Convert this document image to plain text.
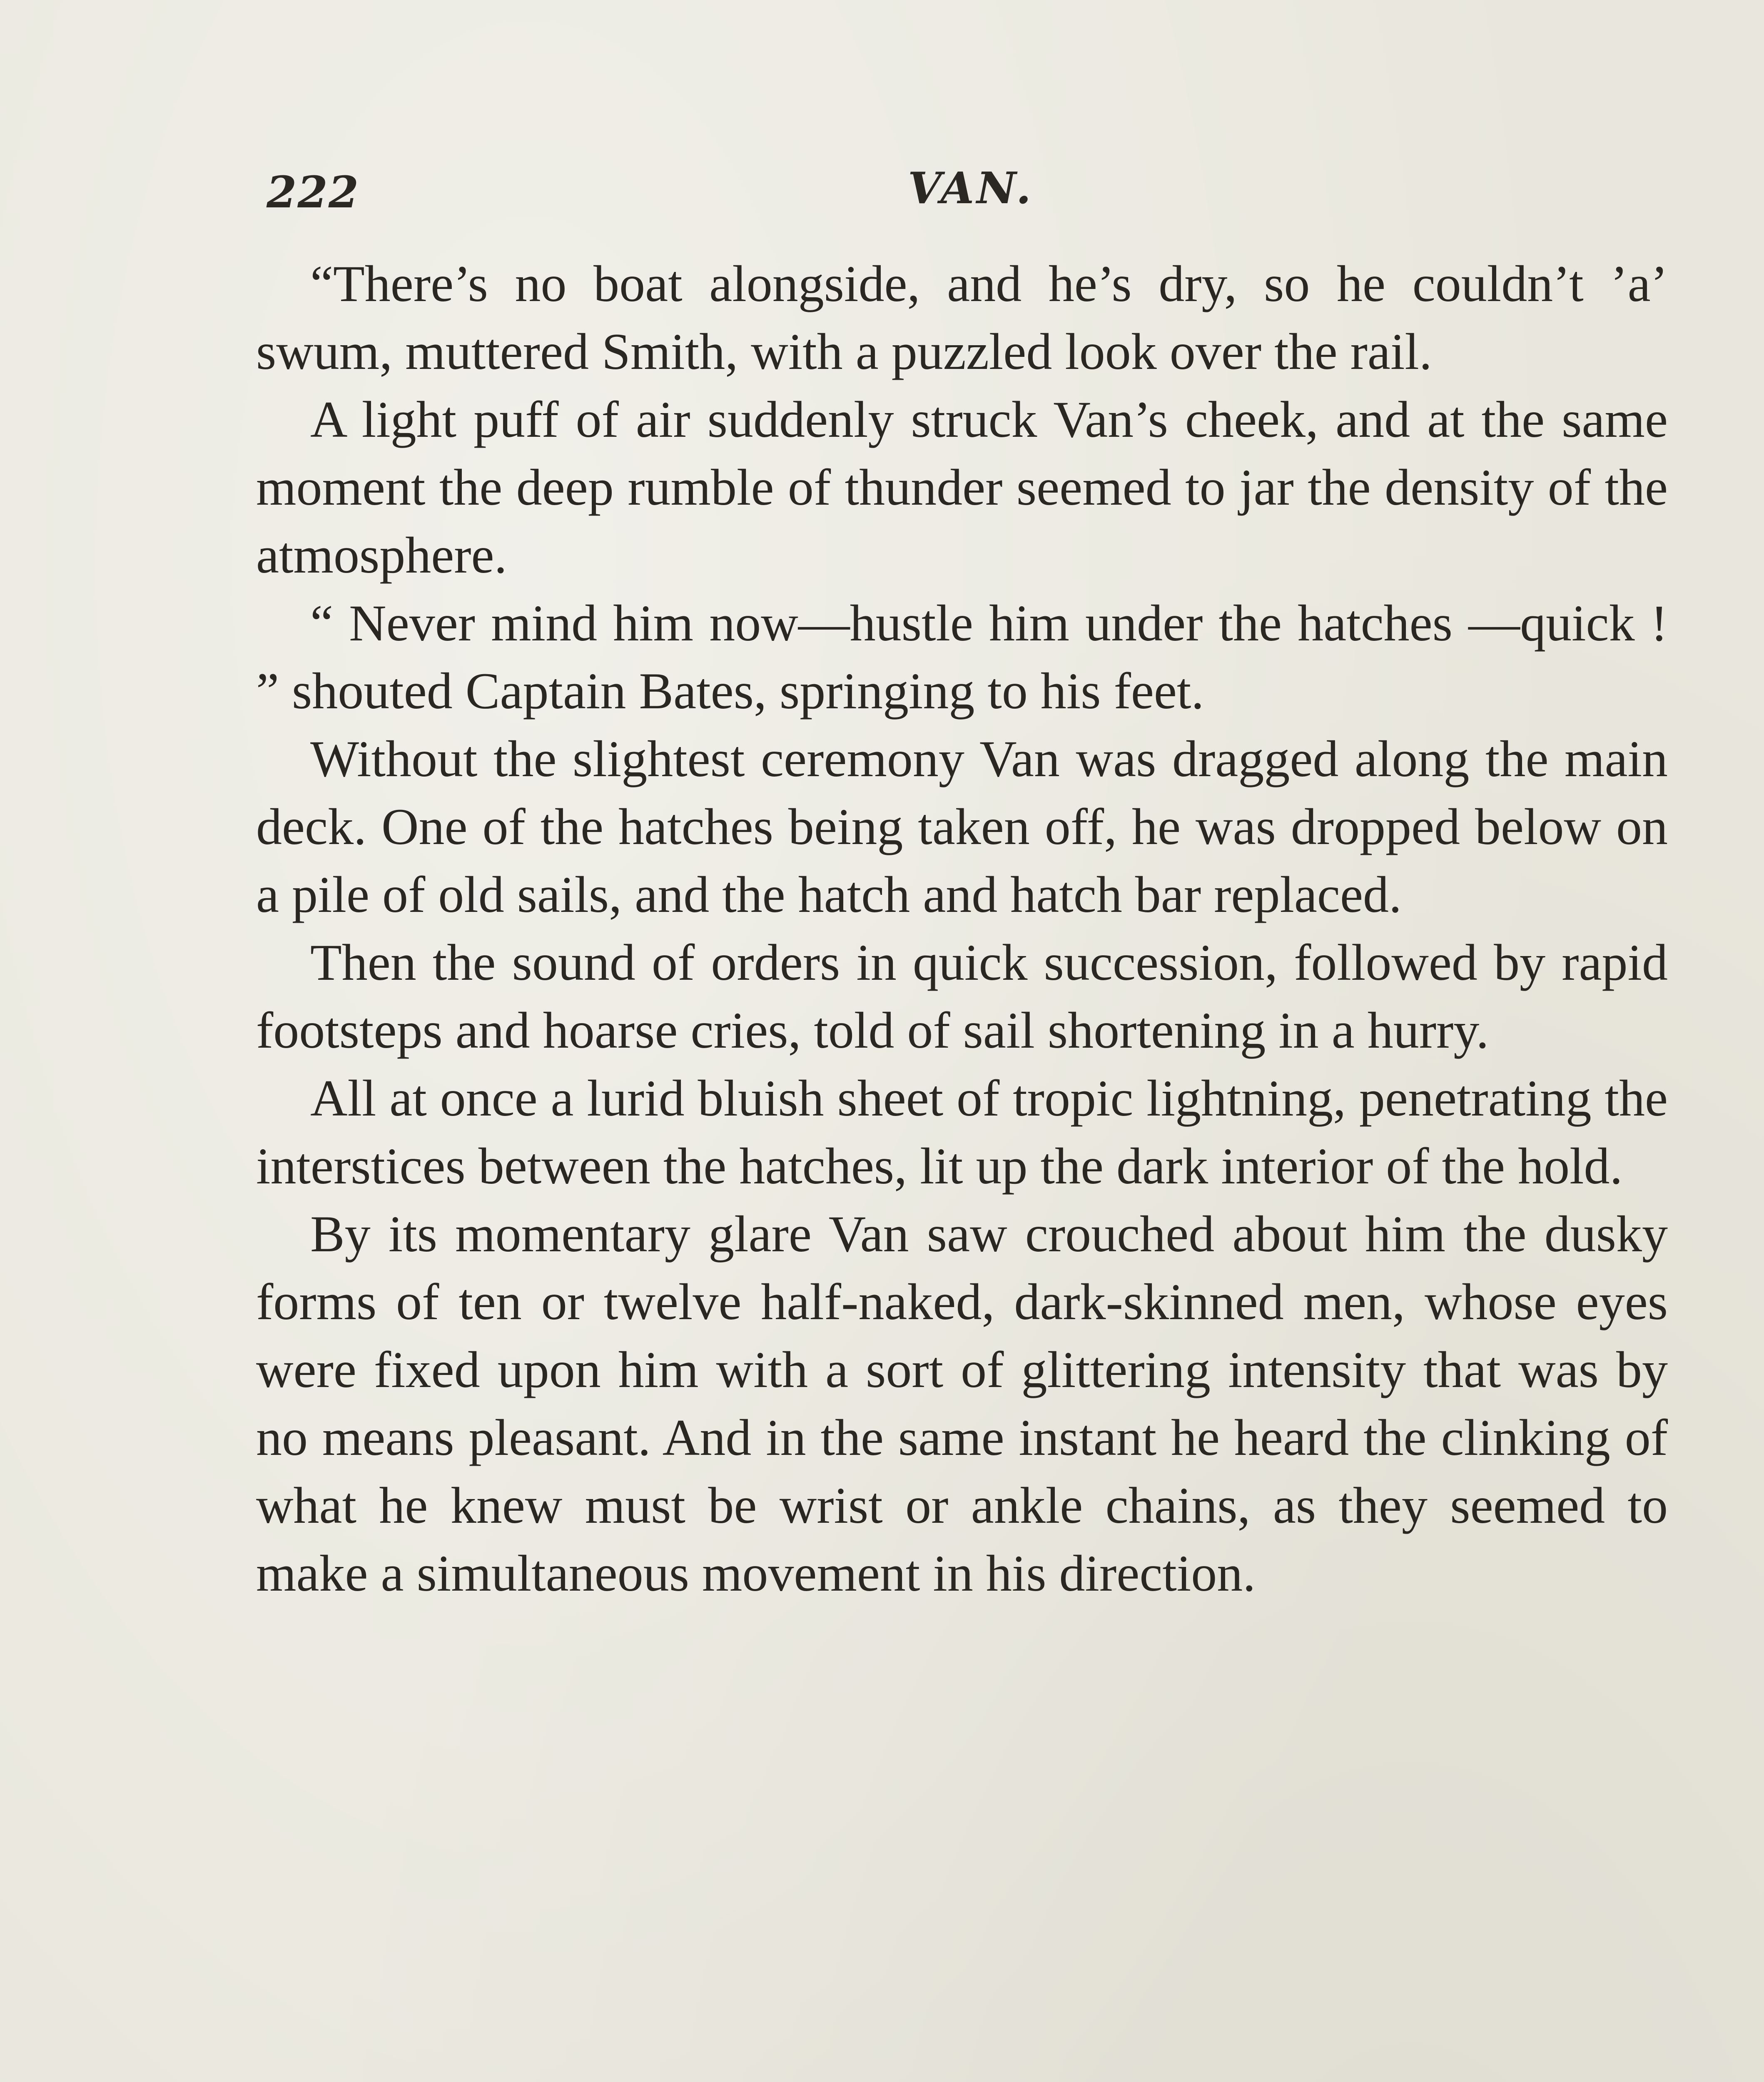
222	VAN.

“There’s no boat alongside, and he’s dry, so he couldn’t ’a’ swum, muttered Smith, with a puzzled look over the rail.

A light puff of air suddenly struck Van’s cheek, and at the same moment the deep rumble of thunder seemed to jar the density of the atmosphere.

“ Never mind him now—hustle him under the hatches —quick ! ” shouted Captain Bates, springing to his feet.

Without the slightest ceremony Van was dragged along the main deck. One of the hatches being taken off, he was dropped below on a pile of old sails, and the hatch and hatch bar replaced.

Then the sound of orders in quick succession, followed by rapid footsteps and hoarse cries, told of sail shortening in a hurry.

All at once a lurid bluish sheet of tropic lightning, penetrating the interstices between the hatches, lit up the dark interior of the hold.

By its momentary glare Van saw crouched about him the dusky forms of ten or twelve half-naked, dark-skinned men, whose eyes were fixed upon him with a sort of glittering intensity that was by no means pleasant. And in the same instant he heard the clinking of what he knew must be wrist or ankle chains, as they seemed to make a simultaneous movement in his direction.
